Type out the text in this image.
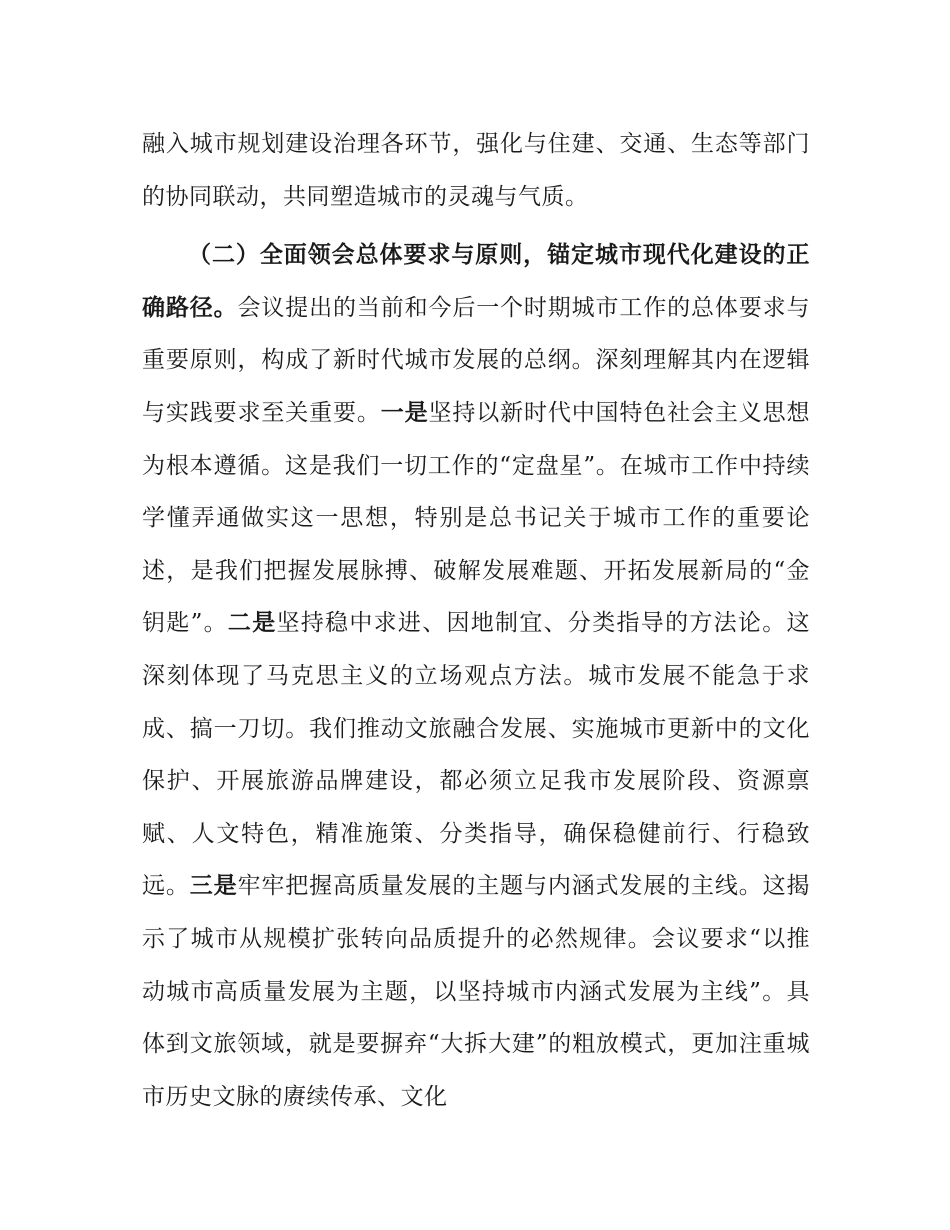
融入城市规划建设治理各环节，强化与住建、交通、生态等部门的协同联动，共同塑造城市的灵魂与气质。

（二）全面领会总体要求与原则，锚定城市现代化建设的正确路径。会议提出的当前和今后一个时期城市工作的总体要求与重要原则，构成了新时代城市发展的总纲。深刻理解其内在逻辑与实践要求至关重要。一是坚持以新时代中国特色社会主义思想为根本遵循。这是我们一切工作的“定盘星”。在城市工作中持续学懂弄通做实这一思想，特别是总书记关于城市工作的重要论述，是我们把握发展脉搏、破解发展难题、开拓发展新局的“金钥匙”。二是坚持稳中求进、因地制宜、分类指导的方法论。这深刻体现了马克思主义的立场观点方法。城市发展不能急于求成、搞一刀切。我们推动文旅融合发展、实施城市更新中的文化保护、开展旅游品牌建设，都必须立足我市发展阶段、资源禀赋、人文特色，精准施策、分类指导，确保稳健前行、行稳致远。三是牢牢把握高质量发展的主题与内涵式发展的主线。这揭示了城市从规模扩张转向品质提升的必然规律。会议要求“以推动城市高质量发展为主题，以坚持城市内涵式发展为主线”。具体到文旅领域，就是要摒弃“大拆大建”的粗放模式，更加注重城市历史文脉的赓续传承、文化
